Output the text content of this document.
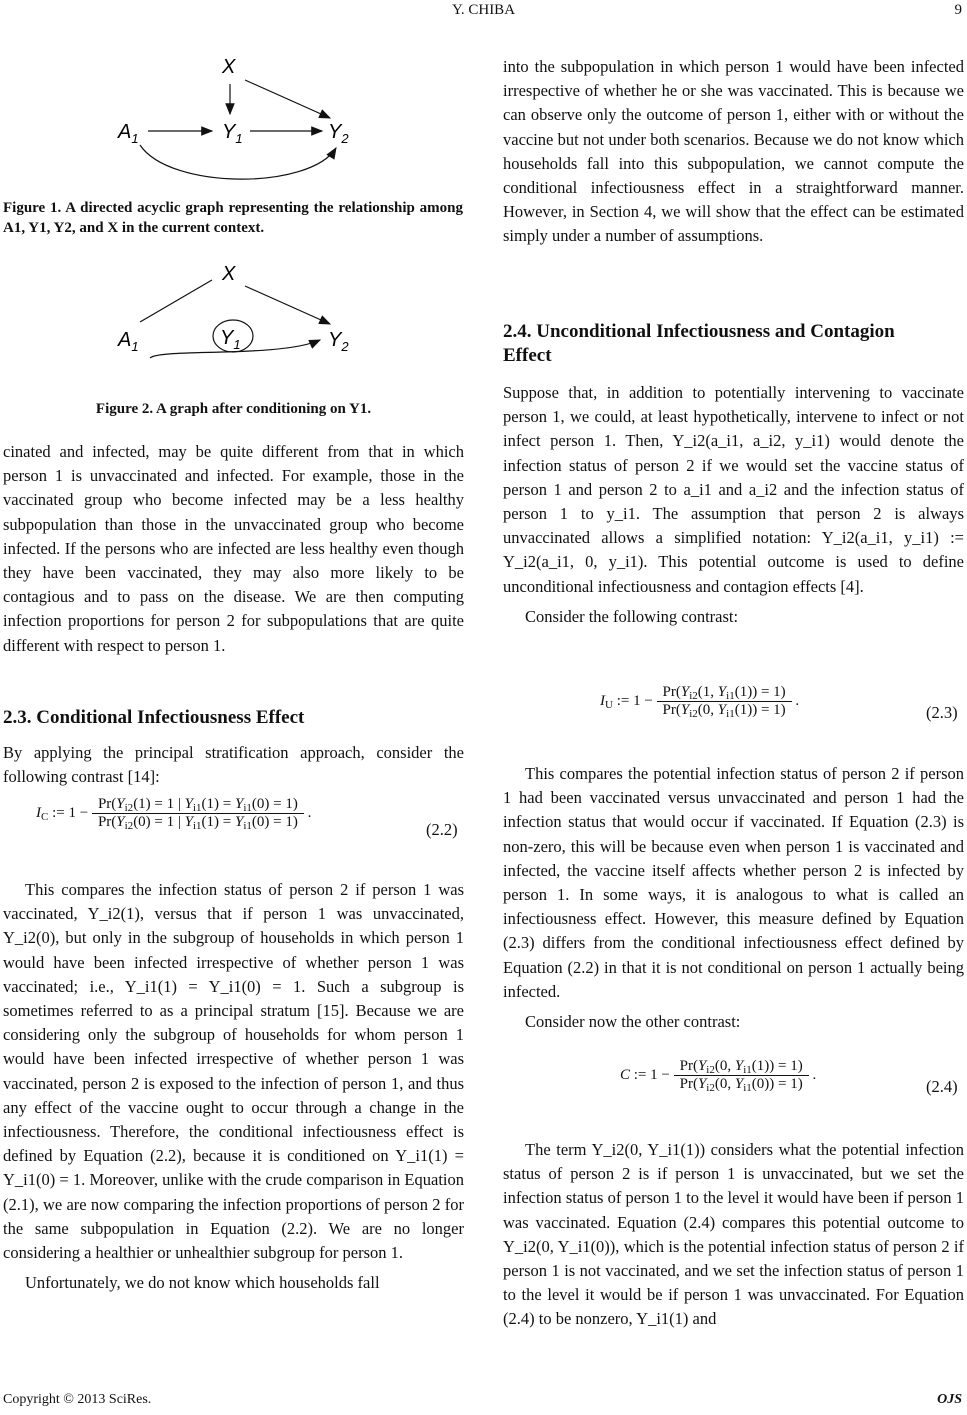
Y. CHIBA	9
X
$A_1$	$Y_1$	$Y_2$
Figure 1. A directed acyclic graph representing the relationship among A1, Y1, Y2, and X in the current context.
X
$A_1$	$Y_1$	$Y_2$
Figure 2. A graph after conditioning on Y1.

cinated and infected, may be quite different from that in which person 1 is unvaccinated and infected. For example, those in the vaccinated group who become infected may be a less healthy subpopulation than those in the unvaccinated group who become infected. If the persons who are infected are less healthy even though they have been vaccinated, they may also more likely to be contagious and to pass on the disease. We are then computing infection proportions for person 2 for subpopulations that are quite different with respect to person 1.

2.3. Conditional Infectiousness Effect

By applying the principal stratification approach, consider the following contrast [14]:

$I_C$ := $1 - \frac{Pr(Y_{i2}(1) = 1 | Y_{i1}(1) = Y_{i1}(0) = 1)}{Pr(Y_{i2}(0) = 1 | Y_{i1}(1) = Y_{i1}(0) = 1)}$ .
(2.2)

This compares the infection status of person 2 if person 1 was vaccinated, Y_i2(1), versus that if person 1 was unvaccinated, Y_i2(0), but only in the subgroup of households in which person 1 would have been infected irrespective of whether person 1 was vaccinated; i.e., Y_i1(1) = Y_i1(0) = 1. Such a subgroup is sometimes referred to as a principal stratum [15]. Because we are considering only the subgroup of households for whom person 1 would have been infected irrespective of whether person 1 was vaccinated, person 2 is exposed to the infection of person 1, and thus any effect of the vaccine ought to occur through a change in the infectiousness. Therefore, the conditional infectiousness effect is defined by Equation (2.2), because it is conditioned on Y_i1(1) = Y_i1(0) = 1. Moreover, unlike with the crude comparison in Equation (2.1), we are now comparing the infection proportions of person 2 for the same subpopulation in Equation (2.2). We are no longer considering a healthier or unhealthier subgroup for person 1.

Unfortunately, we do not know which households fall

into the subpopulation in which person 1 would have been infected irrespective of whether he or she was vaccinated. This is because we can observe only the outcome of person 1, either with or without the vaccine but not under both scenarios. Because we do not know which households fall into this subpopulation, we cannot compute the conditional infectiousness effect in a straightforward manner. However, in Section 4, we will show that the effect can be estimated simply under a number of assumptions.

2.4. Unconditional Infectiousness and Contagion Effect

Suppose that, in addition to potentially intervening to vaccinate person 1, we could, at least hypothetically, intervene to infect or not infect person 1. Then, Y_i2(a_i1, a_i2, y_i1) would denote the infection status of person 2 if we would set the vaccine status of person 1 and person 2 to a_i1 and a_i2 and the infection status of person 1 to y_i1. The assumption that person 2 is always unvaccinated allows a simplified notation: Y_i2(a_i1, y_i1) := Y_i2(a_i1, 0, y_i1). This potential outcome is used to define unconditional infectiousness and contagion effects [4].

Consider the following contrast:

$I_U$ := $1 - \frac{Pr(Y_{i2}(1, Y_{i1}(1)) = 1)}{Pr(Y_{i2}(0, Y_{i1}(1)) = 1)}$ .
(2.3)

This compares the potential infection status of person 2 if person 1 had been vaccinated versus unvaccinated and person 1 had the infection status that would occur if vaccinated. If Equation (2.3) is non-zero, this will be because even when person 1 is vaccinated and infected, the vaccine itself affects whether person 2 is infected by person 1. In some ways, it is analogous to what is called an infectiousness effect. However, this measure defined by Equation (2.3) differs from the conditional infectiousness effect defined by Equation (2.2) in that it is not conditional on person 1 actually being infected.

Consider now the other contrast:

C := $1 - \frac{Pr(Y_{i2}(0, Y_{i1}(1)) = 1)}{Pr(Y_{i2}(0, Y_{i1}(0)) = 1)}$ .
(2.4)

The term Y_i2(0, Y_i1(1)) considers what the potential infection status of person 2 is if person 1 is unvaccinated, but we set the infection status of person 1 to the level it would have been if person 1 was vaccinated. Equation (2.4) compares this potential outcome to Y_i2(0, Y_i1(0)), which is the potential infection status of person 2 if person 1 is not vaccinated, and we set the infection status of person 1 to the level it would be if person 1 was unvaccinated. For Equation (2.4) to be nonzero, Y_i1(1) and

Copyright © 2013 SciRes.	OJS
